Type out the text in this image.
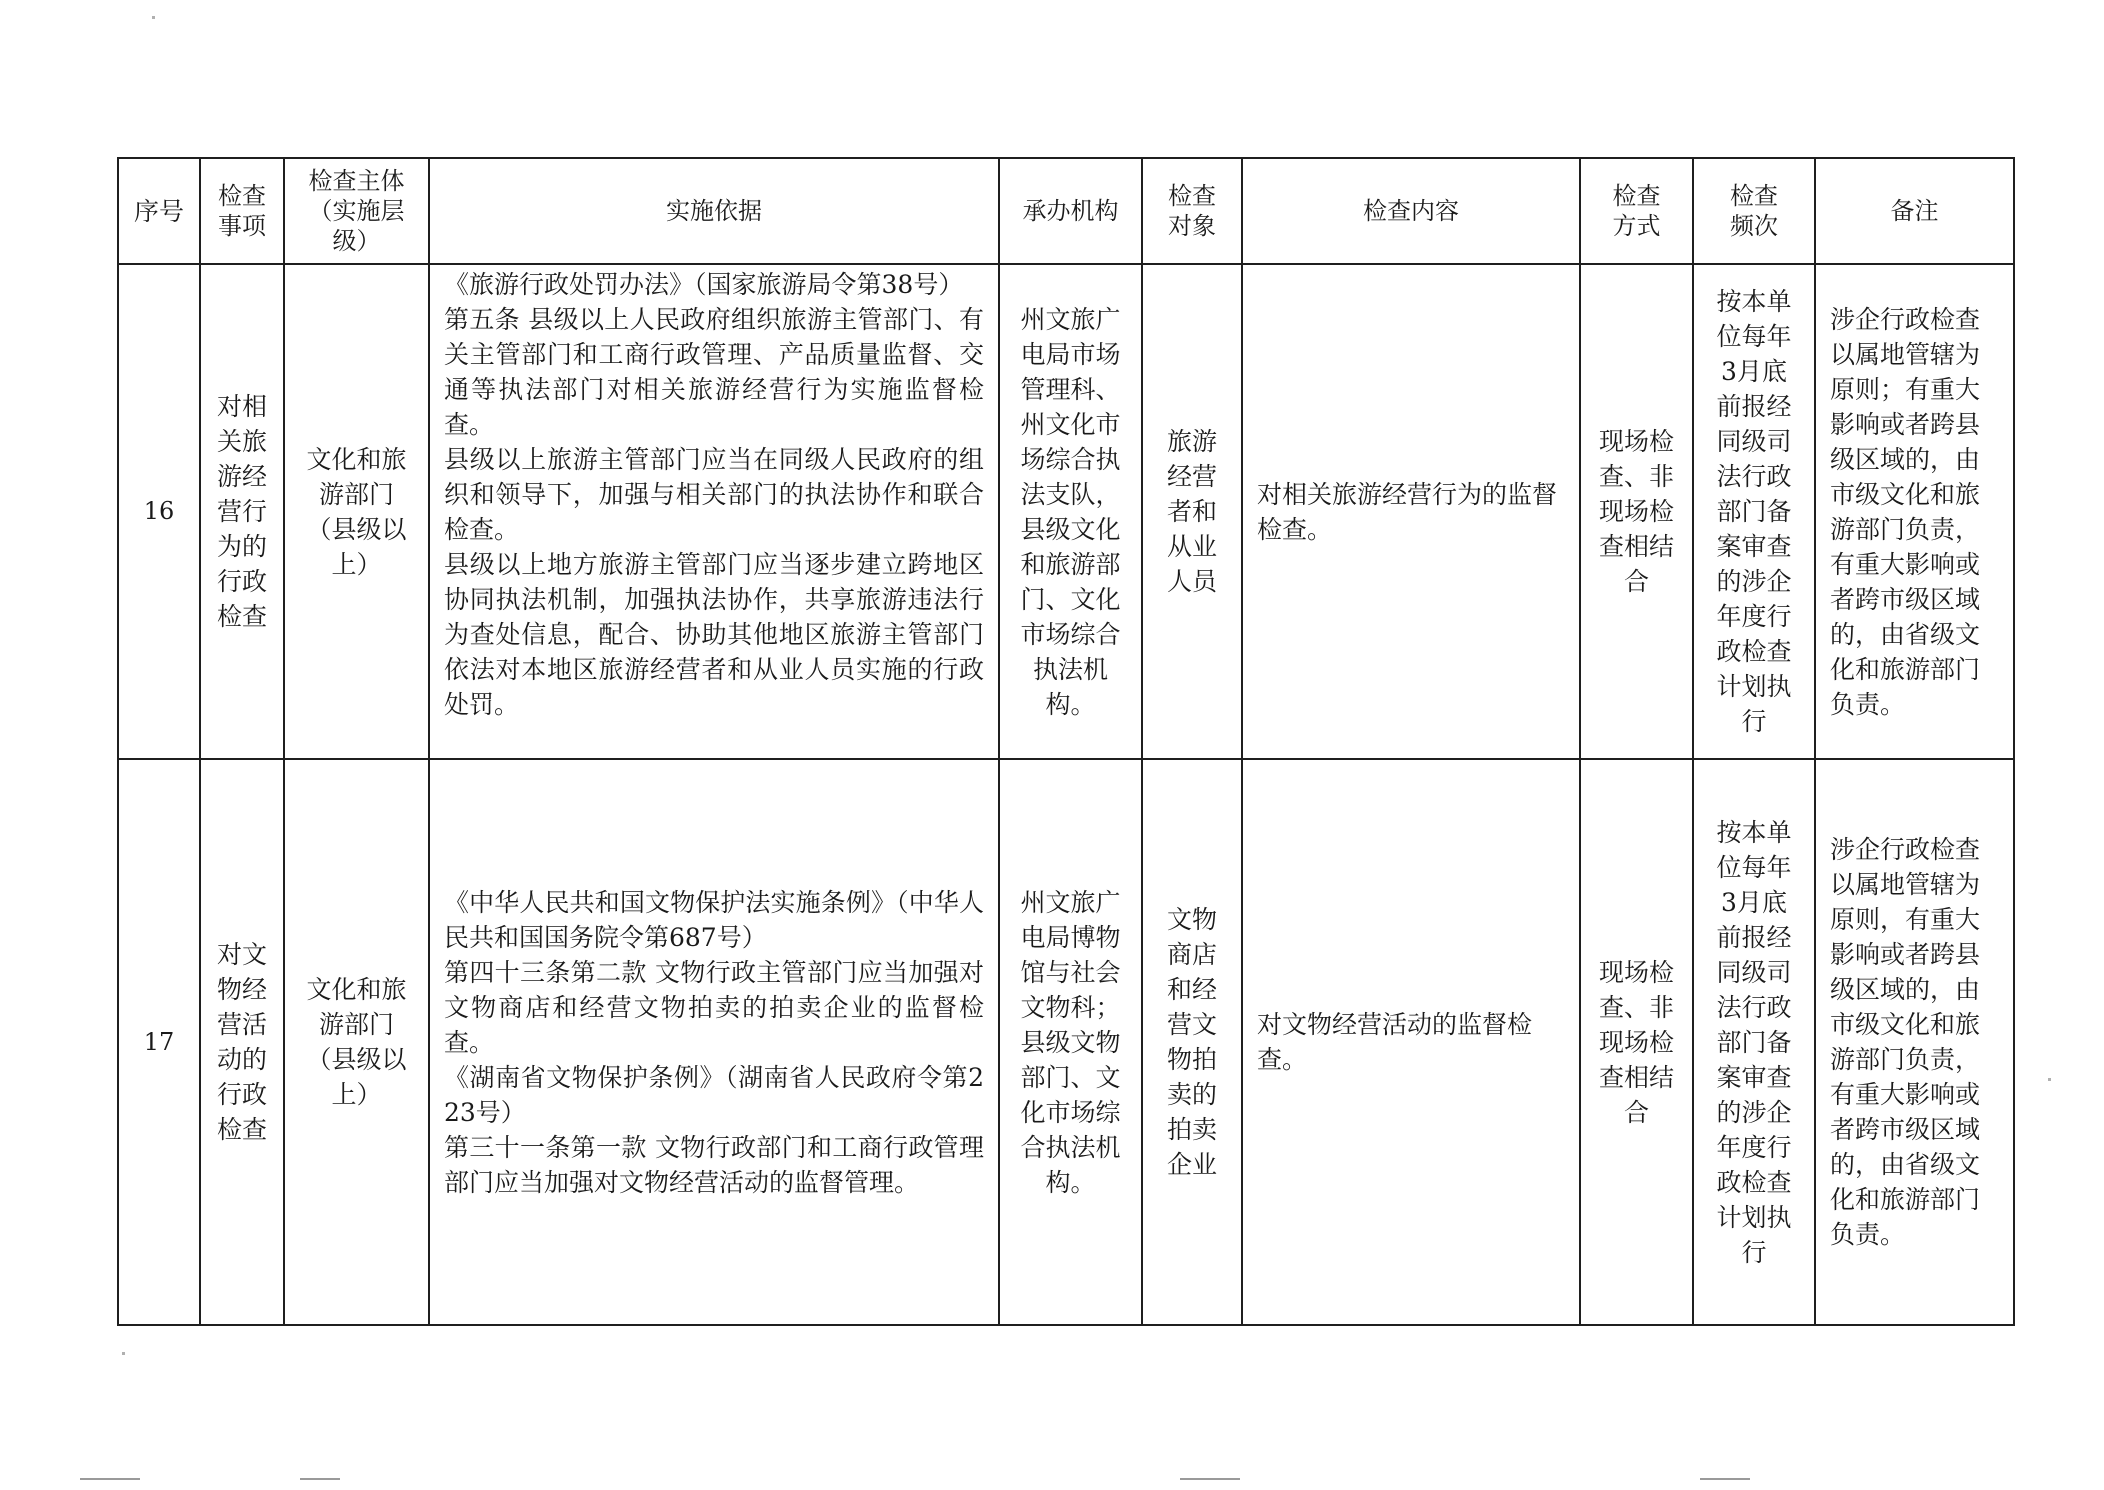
序号	检查事项	检查主体（实施层级）	实施依据	承办机构	检查对象	检查内容	检查方式	检查频次	备注

16	对相关旅游经营行为的行政检查	文化和旅游部门（县级以上）	《旅游行政处罚办法》（国家旅游局令第38号）
第五条 县级以上人民政府组织旅游主管部门、有关主管部门和工商行政管理、产品质量监督、交通等执法部门对相关旅游经营行为实施监督检查。
县级以上旅游主管部门应当在同级人民政府的组织和领导下，加强与相关部门的执法协作和联合检查。
县级以上地方旅游主管部门应当逐步建立跨地区协同执法机制，加强执法协作，共享旅游违法行为查处信息，配合、协助其他地区旅游主管部门依法对本地区旅游经营者和从业人员实施的行政处罚。	州文旅广电局市场管理科、州文化市场综合执法支队，县级文化和旅游部门、文化市场综合执法机构。	旅游经营者和从业人员	对相关旅游经营行为的监督检查。	现场检查、非现场检查相结合	按本单位每年3月底前报经同级司法行政部门备案审查的涉企年度行政检查计划执行	涉企行政检查以属地管辖为原则；有重大影响或者跨县级区域的，由市级文化和旅游部门负责，有重大影响或者跨市级区域的，由省级文化和旅游部门负责。

17	对文物经营活动的行政检查	文化和旅游部门（县级以上）	《中华人民共和国文物保护法实施条例》（中华人民共和国国务院令第687号）
第四十三条第二款 文物行政主管部门应当加强对文物商店和经营文物拍卖的拍卖企业的监督检查。
《湖南省文物保护条例》（湖南省人民政府令第223号）
第三十一条第一款 文物行政部门和工商行政管理部门应当加强对文物经营活动的监督管理。	州文旅广电局博物馆与社会文物科；县级文物部门、文化市场综合执法机构。	文物商店和经营文物拍卖的拍卖企业	对文物经营活动的监督检查。	现场检查、非现场检查相结合	按本单位每年3月底前报经同级司法行政部门备案审查的涉企年度行政检查计划执行	涉企行政检查以属地管辖为原则，有重大影响或者跨县级区域的，由市级文化和旅游部门负责，有重大影响或者跨市级区域的，由省级文化和旅游部门负责。
